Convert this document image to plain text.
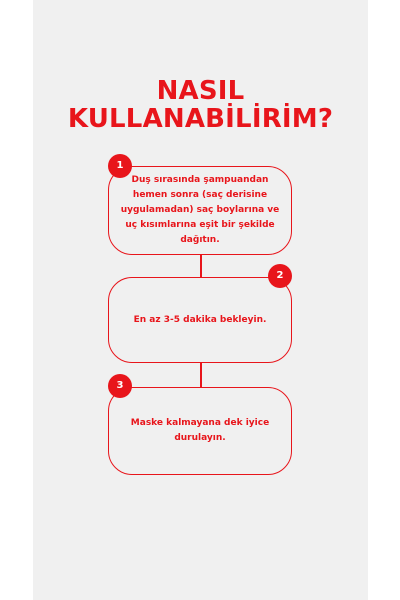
NASIL
KULLANABİLİRİM?
Duş sırasında şampuandan hemen sonra (saç derisine uygulamadan) saç boylarına ve uç kısımlarına eşit bir şekilde dağıtın.
1
En az 3-5 dakika bekleyin.
2
Maske kalmayana dek iyice durulayın.
3
